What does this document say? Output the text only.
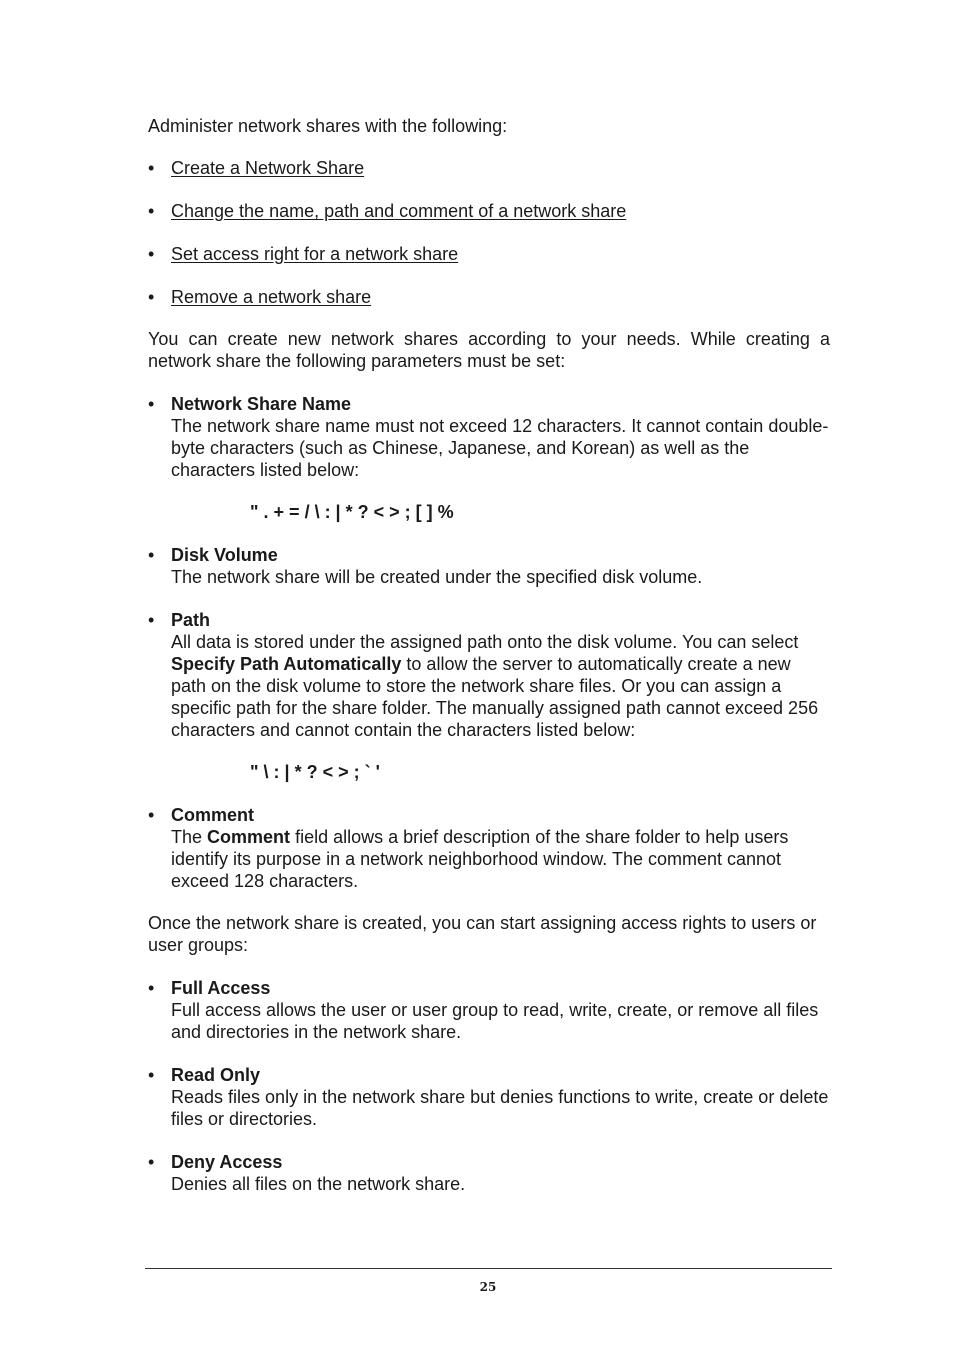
Administer network shares with the following:

• Create a Network Share
• Change the name, path and comment of a network share
• Set access right for a network share
• Remove a network share

You can create new network shares according to your needs. While creating a network share the following parameters must be set:

• Network Share Name

The network share name must not exceed 12 characters. It cannot contain double-byte characters (such as Chinese, Japanese, and Korean) as well as the characters listed below:

" . + = / \ : | * ? < > ; [ ] %

• Disk Volume

The network share will be created under the specified disk volume.

• Path

All data is stored under the assigned path onto the disk volume. You can select Specify Path Automatically to allow the server to automatically create a new path on the disk volume to store the network share files. Or you can assign a specific path for the share folder. The manually assigned path cannot exceed 256 characters and cannot contain the characters listed below:

" \ : | * ? < > ; ` '

• Comment

The Comment field allows a brief description of the share folder to help users identify its purpose in a network neighborhood window. The comment cannot exceed 128 characters.

Once the network share is created, you can start assigning access rights to users or user groups:

• Full Access

Full access allows the user or user group to read, write, create, or remove all files and directories in the network share.

• Read Only

Reads files only in the network share but denies functions to write, create or delete files or directories.

• Deny Access

Denies all files on the network share.

25
